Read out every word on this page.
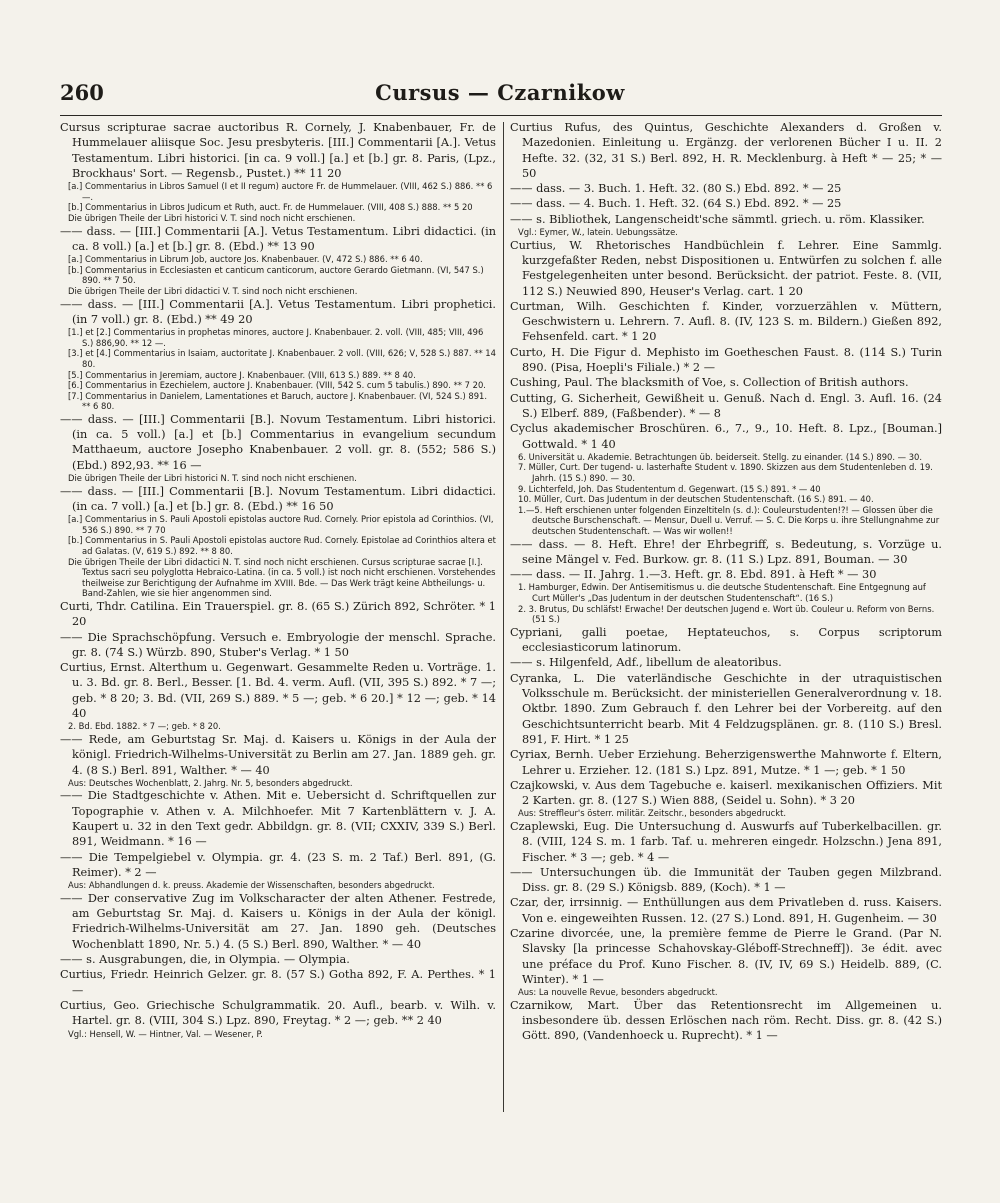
260	Cursus — Czarnikow

Cursus scripturae sacrae auctoribus R. Cornely, J. Knabenbauer, Fr. de Hummelauer aliisque Soc. Jesu presbyteris. [III.] Commentarii [A.]. Vetus Testamentum. Libri historici. [in ca. 9 voll.] [a.] et [b.] gr. 8. Paris, (Lpz., Brockhaus' Sort. — Regensb., Pustet.) ** 11 20

[a.] Commentarius in Libros Samuel (I et II regum) auctore Fr. de Hummelauer. (VIII, 462 S.) 886. ** 6 —.

[b.] Commentarius in Libros Judicum et Ruth, auct. Fr. de Hummelauer. (VIII, 408 S.) 888. ** 5 20

Die übrigen Theile der Libri historici V. T. sind noch nicht erschienen.

—— dass. — [III.] Commentarii [A.]. Vetus Testamentum. Libri didactici. (in ca. 8 voll.) [a.] et [b.] gr. 8. (Ebd.) ** 13 90

[a.] Commentarius in Librum Job, auctore Jos. Knabenbauer. (V, 472 S.) 886. ** 6 40.

[b.] Commentarius in Ecclesiasten et canticum canticorum, auctore Gerardo Gietmann. (VI, 547 S.) 890. ** 7 50.

Die übrigen Theile der Libri didactici V. T. sind noch nicht erschienen.

—— dass. — [III.] Commentarii [A.]. Vetus Testamentum. Libri prophetici. (in 7 voll.) gr. 8. (Ebd.) ** 49 20

[1.] et [2.] Commentarius in prophetas minores, auctore J. Knabenbauer. 2. voll. (VIII, 485; VIII, 496 S.) 886,90. ** 12 —.

[3.] et [4.] Commentarius in Isaiam, auctoritate J. Knabenbauer. 2 voll. (VIII, 626; V, 528 S.) 887. ** 14 80.

[5.] Commentarius in Jeremiam, auctore J. Knabenbauer. (VIII, 613 S.) 889. ** 8 40.

[6.] Commentarius in Ezechielem, auctore J. Knabenbauer. (VIII, 542 S. cum 5 tabulis.) 890. ** 7 20.

[7.] Commentarius in Danielem, Lamentationes et Baruch, auctore J. Knabenbauer. (VI, 524 S.) 891. ** 6 80.

—— dass. — [III.] Commentarii [B.]. Novum Testamentum. Libri historici. (in ca. 5 voll.) [a.] et [b.] Commentarius in evangelium secundum Matthaeum, auctore Josepho Knabenbauer. 2 voll. gr. 8. (552; 586 S.) (Ebd.) 892,93. ** 16 —

Die übrigen Theile der Libri historici N. T. sind noch nicht erschienen.

—— dass. — [III.] Commentarii [B.]. Novum Testamentum. Libri didactici. (in ca. 7 voll.) [a.] et [b.] gr. 8. (Ebd.) ** 16 50

[a.] Commentarius in S. Pauli Apostoli epistolas auctore Rud. Cornely. Prior epistola ad Corinthios. (VI, 536 S.) 890. ** 7 70

[b.] Commentarius in S. Pauli Apostoli epistolas auctore Rud. Cornely. Epistolae ad Corinthios altera et ad Galatas. (V, 619 S.) 892. ** 8 80.

Die übrigen Theile der Libri didactici N. T. sind noch nicht erschienen. Cursus scripturae sacrae [I.]. Textus sacri seu polyglotta Hebraico-Latina. (in ca. 5 voll.) ist noch nicht erschienen. Vorstehendes theilweise zur Berichtigung der Aufnahme im XVIII. Bde. — Das Werk trägt keine Abtheilungs- u. Band-Zahlen, wie sie hier angenommen sind.

Curti, Thdr. Catilina. Ein Trauerspiel. gr. 8. (65 S.) Zürich 892, Schröter. * 1 20

—— Die Sprachschöpfung. Versuch e. Embryologie der menschl. Sprache. gr. 8. (74 S.) Würzb. 890, Stuber's Verlag. * 1 50

Curtius, Ernst. Alterthum u. Gegenwart. Gesammelte Reden u. Vorträge. 1. u. 3. Bd. gr. 8. Berl., Besser. [1. Bd. 4. verm. Aufl. (VII, 395 S.) 892. * 7 —; geb. * 8 20; 3. Bd. (VII, 269 S.) 889. * 5 —; geb. * 6 20.] * 12 —; geb. * 14 40

2. Bd. Ebd. 1882. * 7 —; geb. * 8 20.

—— Rede, am Geburtstag Sr. Maj. d. Kaisers u. Königs in der Aula der königl. Friedrich-Wilhelms-Universität zu Berlin am 27. Jan. 1889 geh. gr. 4. (8 S.) Berl. 891, Walther. * — 40

Aus: Deutsches Wochenblatt, 2. Jahrg. Nr. 5, besonders abgedruckt.

—— Die Stadtgeschichte v. Athen. Mit e. Uebersicht d. Schriftquellen zur Topographie v. Athen v. A. Milchhoefer. Mit 7 Kartenblättern v. J. A. Kaupert u. 32 in den Text gedr. Abbildgn. gr. 8. (VII; CXXIV, 339 S.) Berl. 891, Weidmann. * 16 —

—— Die Tempelgiebel v. Olympia. gr. 4. (23 S. m. 2 Taf.) Berl. 891, (G. Reimer). * 2 —

Aus: Abhandlungen d. k. preuss. Akademie der Wissenschaften, besonders abgedruckt.

—— Der conservative Zug im Volkscharacter der alten Athener. Festrede, am Geburtstag Sr. Maj. d. Kaisers u. Königs in der Aula der königl. Friedrich-Wilhelms-Universität am 27. Jan. 1890 geh. (Deutsches Wochenblatt 1890, Nr. 5.) 4. (5 S.) Berl. 890, Walther. * — 40

—— s. Ausgrabungen, die, in Olympia. — Olympia.

Curtius, Friedr. Heinrich Gelzer. gr. 8. (57 S.) Gotha 892, F. A. Perthes. * 1 —

Curtius, Geo. Griechische Schulgrammatik. 20. Aufl., bearb. v. Wilh. v. Hartel. gr. 8. (VIII, 304 S.) Lpz. 890, Freytag. * 2 —; geb. ** 2 40

Vgl.: Hensell, W. — Hintner, Val. — Wesener, P.

Curtius Rufus, des Quintus, Geschichte Alexanders d. Großen v. Mazedonien. Einleitung u. Ergänzg. der verlorenen Bücher I u. II. 2 Hefte. 32. (32, 31 S.) Berl. 892, H. R. Mecklenburg. à Heft * — 25; * — 50

—— dass. — 3. Buch. 1. Heft. 32. (80 S.) Ebd. 892. * — 25

—— dass. — 4. Buch. 1. Heft. 32. (64 S.) Ebd. 892. * — 25

—— s. Bibliothek, Langenscheidt'sche sämmtl. griech. u. röm. Klassiker.

Vgl.: Eymer, W., latein. Uebungssätze.

Curtius, W. Rhetorisches Handbüchlein f. Lehrer. Eine Sammlg. kurzgefaßter Reden, nebst Dispositionen u. Entwürfen zu solchen f. alle Festgelegenheiten unter besond. Berücksicht. der patriot. Feste. 8. (VII, 112 S.) Neuwied 890, Heuser's Verlag. cart. 1 20

Curtman, Wilh. Geschichten f. Kinder, vorzuerzählen v. Müttern, Geschwistern u. Lehrern. 7. Aufl. 8. (IV, 123 S. m. Bildern.) Gießen 892, Fehsenfeld. cart. * 1 20

Curto, H. Die Figur d. Mephisto im Goetheschen Faust. 8. (114 S.) Turin 890. (Pisa, Hoepli's Filiale.) * 2 —

Cushing, Paul. The blacksmith of Voe, s. Collection of British authors.

Cutting, G. Sicherheit, Gewißheit u. Genuß. Nach d. Engl. 3. Aufl. 16. (24 S.) Elberf. 889, (Faßbender). * — 8

Cyclus akademischer Broschüren. 6., 7., 9., 10. Heft. 8. Lpz., [Bouman.] Gottwald. * 1 40

6. Universität u. Akademie. Betrachtungen üb. beiderseit. Stellg. zu einander. (14 S.) 890. — 30.

7. Müller, Curt. Der tugend- u. lasterhafte Student v. 1890. Skizzen aus dem Studentenleben d. 19. Jahrh. (15 S.) 890. — 30.

9. Lichterfeld, Joh. Das Studententum d. Gegenwart. (15 S.) 891. * — 40

10. Müller, Curt. Das Judentum in der deutschen Studentenschaft. (16 S.) 891. — 40.

1.—5. Heft erschienen unter folgenden Einzeltiteln (s. d.): Couleurstudenten!?! — Glossen über die deutsche Burschenschaft. — Mensur, Duell u. Verruf. — S. C. Die Korps u. ihre Stellungnahme zur deutschen Studentenschaft. — Was wir wollen!!

—— dass. — 8. Heft. Ehre! der Ehrbegriff, s. Bedeutung, s. Vorzüge u. seine Mängel v. Fed. Burkow. gr. 8. (11 S.) Lpz. 891, Bouman. — 30

—— dass. — II. Jahrg. 1.—3. Heft. gr. 8. Ebd. 891. à Heft * — 30

1. Hamburger, Edwin. Der Antisemitismus u. die deutsche Studentenschaft. Eine Entgegnung auf Curt Müller's „Das Judentum in der deutschen Studentenschaft“. (16 S.)

2. 3. Brutus, Du schläfst! Erwache! Der deutschen Jugend e. Wort üb. Couleur u. Reform von Berns. (51 S.)

Cypriani, galli poetae, Heptateuchos, s. Corpus scriptorum ecclesiasticorum latinorum.

—— s. Hilgenfeld, Adf., libellum de aleatoribus.

Cyranka, L. Die vaterländische Geschichte in der utraquistischen Volksschule m. Berücksicht. der ministeriellen Generalverordnung v. 18. Oktbr. 1890. Zum Gebrauch f. den Lehrer bei der Vorbereitg. auf den Geschichtsunterricht bearb. Mit 4 Feldzugsplänen. gr. 8. (110 S.) Bresl. 891, F. Hirt. * 1 25

Cyriax, Bernh. Ueber Erziehung. Beherzigenswerthe Mahnworte f. Eltern, Lehrer u. Erzieher. 12. (181 S.) Lpz. 891, Mutze. * 1 —; geb. * 1 50

Czajkowski, v. Aus dem Tagebuche e. kaiserl. mexikanischen Offiziers. Mit 2 Karten. gr. 8. (127 S.) Wien 888, (Seidel u. Sohn). * 3 20

Aus: Streffleur's österr. militär. Zeitschr., besonders abgedruckt.

Czaplewski, Eug. Die Untersuchung d. Auswurfs auf Tuberkelbacillen. gr. 8. (VIII, 124 S. m. 1 farb. Taf. u. mehreren eingedr. Holzschn.) Jena 891, Fischer. * 3 —; geb. * 4 —

—— Untersuchungen üb. die Immunität der Tauben gegen Milzbrand. Diss. gr. 8. (29 S.) Königsb. 889, (Koch). * 1 —

Czar, der, irrsinnig. — Enthüllungen aus dem Privatleben d. russ. Kaisers. Von e. eingeweihten Russen. 12. (27 S.) Lond. 891, H. Gugenheim. — 30

Czarine divorcée, une, la première femme de Pierre le Grand. (Par N. Slavsky [la princesse Schahovskay-Gléboff-Strechneff]). 3e édit. avec une préface du Prof. Kuno Fischer. 8. (IV, IV, 69 S.) Heidelb. 889, (C. Winter). * 1 —

Aus: La nouvelle Revue, besonders abgedruckt.

Czarnikow, Mart. Über das Retentionsrecht im Allgemeinen u. insbesondere üb. dessen Erlöschen nach röm. Recht. Diss. gr. 8. (42 S.) Gött. 890, (Vandenhoeck u. Ruprecht). * 1 —
